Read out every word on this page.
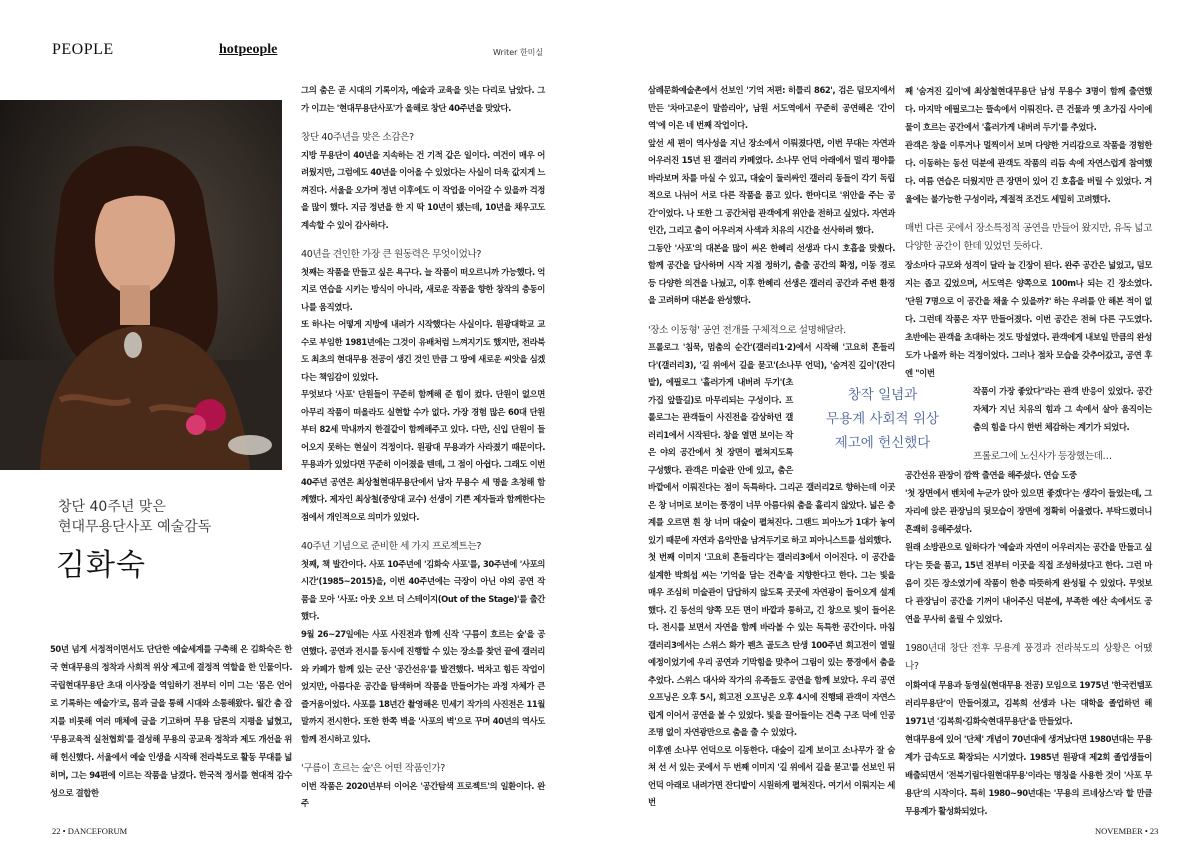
PEOPLE	hotpeople	Writer 한미실
창단 40주년 맞은
현대무용단사포 예술감독
김화숙

50년 넘게 서정적이면서도 단단한 예술세계를 구축해 온 김화숙은 한국 현대무용의 정착과 사회적 위상 제고에 결정적 역할을 한 인물이다. 국립현대무용단 초대 이사장을 역임하기 전부터 이미 그는 '몸은 언어로 기록하는 예술가'로, 몸과 글을 통해 시대와 소통해왔다. 월간 춤 잡지를 비롯해 여러 매체에 글을 기고하며 무용 담론의 지평을 넓혔고, '무용교육적 실천협회'를 결성해 무용의 공교육 정착과 제도 개선을 위해 헌신했다. 서울에서 예술 인생을 시작해 전라북도로 활동 무대를 넓히며, 그는 94편에 이르는 작품을 남겼다. 한국적 정서를 현대적 감수성으로 결합한

그의 춤은 곧 시대의 기록이자, 예술과 교육을 잇는 다리로 남았다. 그가 이끄는 '현대무용단사포'가 올해로 창단 40주년을 맞았다.

창단 40주년을 맞은 소감은?

지방 무용단이 40년을 지속하는 건 기적 같은 일이다. 여건이 매우 어려웠지만, 그럼에도 40년을 이어올 수 있었다는 사실이 더욱 값지게 느껴진다. 서울을 오가며 정년 이후에도 이 작업을 이어갈 수 있을까 걱정을 많이 했다. 지금 정년을 한 지 딱 10년이 됐는데, 10년을 채우고도 계속할 수 있어 감사하다.

40년을 견인한 가장 큰 원동력은 무엇이었나?

첫째는 작품을 만들고 싶은 욕구다. 늘 작품이 떠오르니까 가능했다. 억지로 연습을 시키는 방식이 아니라, 새로운 작품을 향한 창작의 충동이 나를 움직였다.

또 하나는 어떻게 지방에 내려가 시작했다는 사실이다. 원광대학교 교수로 부임한 1981년에는 그것이 유배처럼 느껴지기도 했지만, 전라북도 최초의 현대무용 전공이 생긴 것인 만큼 그 땅에 새로운 씨앗을 심겠다는 책임감이 있었다.

무엇보다 '사포' 단원들이 꾸준히 함께해 준 힘이 컸다. 단원이 없으면 아무리 작품이 떠올라도 실현할 수가 없다. 가장 경험 많은 60대 단원부터 82세 막내까지 한결같이 함께해주고 있다. 다만, 신입 단원이 들어오지 못하는 현실이 걱정이다. 원광대 무용과가 사라졌기 때문이다. 무용과가 있었다면 꾸준히 이어졌을 텐데, 그 점이 아쉽다. 그래도 이번 40주년 공연은 최상철현대무용단에서 남자 무용수 세 명을 초청해 함께했다. 제자인 최상철(중앙대 교수) 선생이 기쁜 제자들과 함께한다는 점에서 개인적으로 의미가 있었다.

40주년 기념으로 준비한 세 가지 프로젝트는?

첫째, 책 발간이다. 사포 10주년에 '김화숙 사포'를, 30주년에 '사포의 시간'(1985~2015)을, 이번 40주년에는 극장이 아닌 야외 공연 작품을 모아 '사포: 아웃 오브 더 스테이지(Out of the Stage)'를 출간했다.

9월 26~27일에는 사포 사진전과 함께 신작 '구름이 흐르는 숲'을 공연했다. 공연과 전시를 동시에 진행할 수 있는 장소를 찾던 끝에 갤러리와 카페가 함께 있는 군산 '공간선유'를 발견했다. 벅차고 힘든 작업이었지만, 아름다운 공간을 탐색하며 작품을 만들어가는 과정 자체가 큰 즐거움이었다. 사포를 18년간 촬영해온 민세기 작가의 사진전은 11월 말까지 전시한다. 또한 한쪽 벽을 '사포의 벽'으로 꾸며 40년의 역사도 함께 전시하고 있다.

'구름이 흐르는 숲'은 어떤 작품인가?

이번 작품은 2020년부터 이어온 '공간탐색 프로젝트'의 일환이다. 완주

삼례문화예술촌에서 선보인 '기억 저편: 히틀리 862', 검은 덤모지에서 만든 '차마고운이 말씀리아', 남원 서도역에서 꾸준히 공연해온 '간이역'에 이은 네 번째 작업이다.

앞선 세 편이 역사성을 지닌 장소에서 이뤄졌다면, 이번 무대는 자연과 어우러진 15년 된 갤러리 카페였다. 소나무 언덕 아래에서 멀리 평야를 바라보며 차를 마실 수 있고, 대숲이 둘러싸인 갤러리 동들이 각기 독립적으로 나뉘어 서로 다른 작품을 품고 있다. 한마디로 '위안을 주는 공간'이었다. 나 또한 그 공간처럼 관객에게 위안을 전하고 싶었다. 자연과 인간, 그리고 춤이 어우러져 사색과 치유의 시간을 선사하려 했다.

그동안 '사포'의 대본을 많이 써온 한혜리 선생과 다시 호흡을 맞췄다. 함께 공간을 답사하며 시작 지점 정하기, 춤출 공간의 확정, 이동 경로 등 다양한 의견을 나눴고, 이후 한혜리 선생은 갤러리 공간과 주변 환경을 고려하며 대본을 완성했다.

'장소 이동형' 공연 전개를 구체적으로 설명해달라.

프롤로그 '침묵, 멈춤의 순간'(갤러리1·2)에서 시작해 '고요히 흔들리다'(갤러리3), '길 위에서 길을 묻고'(소나무 언덕), '숨겨진 깊이'(잔디밭), 에필로그 '흘러가게 내버려 두기'(초가집 앞뜰길)로 마무리되는 구성이다. 프롤로그는 관객들이 사진전을 감상하던 갤러리1에서 시작된다. 창을 열면 보이는 작은 야외 공간에서 첫 장면이 펼쳐지도록 구성했다. 관객은 미술관 안에 있고, 춤은 바깥에서 이뤄진다는 점이 독특하다. 그리곤 갤러리2로 향하는데 이곳은 창 너머로 보이는 풍경이 너무 아름다워 춤을 흘리지 않았다. 넓은 층계를 오르면 흰 창 너머 대숲이 펼쳐진다. 그랜드 피아노가 1대가 놓여있기 때문에 자연과 음악만을 남겨두기로 하고 피아니스트를 섭외했다.

첫 번째 이미지 '고요히 흔들리다'는 갤러리3에서 이어진다. 이 공간을 설계한 박희섭 씨는 '기억을 담는 건축'을 지향한다고 한다. 그는 빛을 매우 조심히 미술관이 답답하지 않도록 곳곳에 자연광이 들어오게 설계했다. 긴 동선의 양쪽 모든 면이 바깥과 통하고, 긴 창으로 빛이 들어온다. 전시를 보면서 자연을 함께 바라볼 수 있는 독특한 공간이다. 마침 갤러리3에서는 스위스 화가 펜츠 골도츠 탄생 100주년 회고전이 열릴 예정이었기에 우리 공연과 기막힘을 맞추어 그림이 있는 풍경에서 춤을 추었다. 스위스 대사와 작가의 유족들도 공연을 함께 보았다. 우리 공연 오프닝은 오후 5시, 회고전 오프닝은 오후 4시에 진행돼 관객이 자연스럽게 이어서 공연을 볼 수 있었다. 빛을 끌어들이는 건축 구조 덕에 인공조명 없이 자연광만으로 춤을 출 수 있었다.

이후엔 소나무 언덕으로 이동한다. 대숲이 길게 보이고 소나무가 잘 숨쳐 선 서 있는 곳에서 두 번째 이미지 '길 위에서 길을 묻고'를 선보인 뒤 언덕 아래로 내려가면 잔디밭이 시원하게 펼쳐진다. 여기서 이뤄지는 세 번

째 '숨겨진 깊이'에 최상철현대무용단 남성 무용수 3명이 함께 출연했다. 마지막 에필로그는 뜰속에서 이뤄진다. 큰 건물과 옛 초가집 사이에 물이 흐르는 공간에서 '흘러가게 내버려 두기'를 추었다.

관객은 창을 이루거나 멀찍이서 보며 다양한 거리감으로 작품을 경험한다. 이동하는 동선 덕분에 관객도 작품의 리듬 속에 자연스럽게 참여했다. 여름 연습은 더웠지만 큰 장면이 있어 긴 호흡을 버릴 수 있었다. 겨울에는 불가능한 구성이라, 계절적 조건도 세밀히 고려했다.

매번 다른 곳에서 장소특정적 공연을 만들어 왔지만, 유독 넓고 다양한 공간이 한데 있었던 듯하다.

장소마다 규모와 성격이 달라 늘 긴장이 된다. 완주 공간은 넓었고, 덤모지는 좁고 깊었으며, 서도역은 양쪽으로 100m나 되는 긴 장소였다. '단원 7명으로 이 공간을 채울 수 있을까?' 하는 우려를 안 해본 적이 없다. 그런데 작품은 자꾸 만들어졌다. 이번 공간은 전혀 다른 구도였다. 초반에는 관객을 초대하는 것도 망설였다. 관객에게 내보일 만큼의 완성도가 나올까 하는 걱정이었다. 그러나 점차 모습을 갖추어갔고, 공연 후엔 "이번

작품이 가장 좋았다"라는 관객 반응이 있었다. 공간 자체가 지닌 치유의 힘과 그 속에서 살아 움직이는 춤의 힘을 다시 한번 체감하는 계기가 되었다.

프롤로그에 노신사가 등장했는데…

공간선유 관장이 깜짝 출연을 해주셨다. 연습 도중

'첫 장면에서 벤치에 누군가 앉아 있으면 좋겠다'는 생각이 들었는데, 그 자리에 앉은 관장님의 뒷모습이 장면에 정확히 어울렸다. 부탁드렸더니 흔쾌히 응해주셨다.

원래 소방관으로 일하다가 '예술과 자연이 어우러지는 공간을 만들고 싶다'는 뜻을 품고, 15년 전부터 이곳을 직접 조성하셨다고 한다. 그런 마음이 깃든 장소였기에 작품이 한층 따뜻하게 완성될 수 있었다. 무엇보다 관장님이 공간을 기꺼이 내어주신 덕분에, 부족한 예산 속에서도 공연을 무사히 올릴 수 있었다.

1980년대 창단 전후 무용계 풍경과 전라북도의 상황은 어땠나?

이화여대 무용과 동영실(현대무용 전공) 모임으로 1975년 '한국컨템포러리무용단'이 만들어졌고, 김복희 선생과 나는 대학을 졸업하던 해 1971년 '김복희·김화숙현대무용단'을 만들었다.

현대무용에 있어 '단체' 개념이 70년대에 생겨났다면 1980년대는 무용계가 급속도로 확장되는 시기였다. 1985년 원광대 제2회 졸업생들이 배출되면서 '전북기림다원현대무용'이라는 명칭을 사용한 것이 '사포 무용단'의 시작이다. 특히 1980~90년대는 '무용의 르네상스'라 할 만큼 무용계가 활성화되었다.

창작 일념과
무용계 사회적 위상
제고에 헌신했다
22 • DANCEFORUM	NOVEMBER • 23
